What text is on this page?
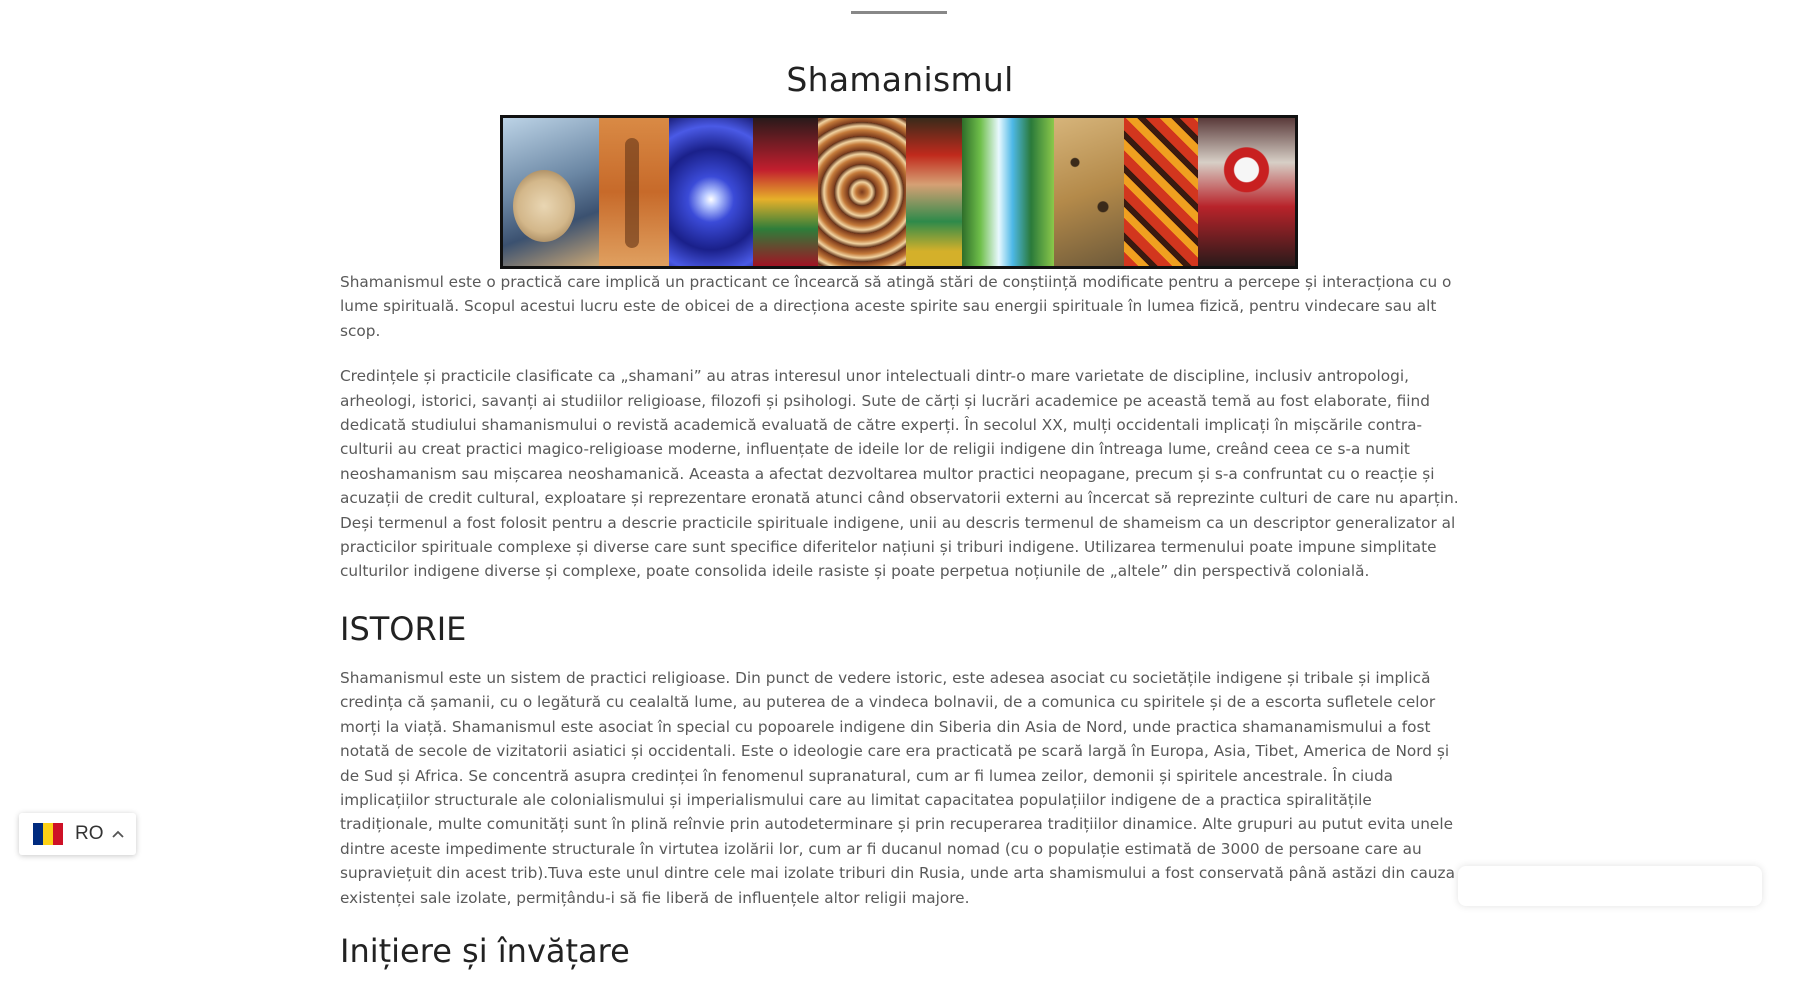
Shamanismul

Shamanismul este o practică care implică un practicant ce încearcă să atingă stări de conștiință modificate pentru a percepe și interacționa cu o lume spirituală. Scopul acestui lucru este de obicei de a direcționa aceste spirite sau energii spirituale în lumea fizică, pentru vindecare sau alt scop.

Credințele și practicile clasificate ca „shamani” au atras interesul unor intelectuali dintr-o mare varietate de discipline, inclusiv antropologi, arheologi, istorici, savanți ai studiilor religioase, filozofi și psihologi. Sute de cărți și lucrări academice pe această temă au fost elaborate, fiind dedicată studiului shamanismului o revistă academică evaluată de către experți. În secolul XX, mulți occidentali implicați în mișcările contra-culturii au creat practici magico-religioase moderne, influențate de ideile lor de religii indigene din întreaga lume, creând ceea ce s-a numit neoshamanism sau mișcarea neoshamanică. Aceasta a afectat dezvoltarea multor practici neopagane, precum și s-a confruntat cu o reacție și acuzații de credit cultural, exploatare și reprezentare eronată atunci când observatorii externi au încercat să reprezinte culturi de care nu aparțin. Deși termenul a fost folosit pentru a descrie practicile spirituale indigene, unii au descris termenul de shameism ca un descriptor generalizator al practicilor spirituale complexe și diverse care sunt specifice diferitelor națiuni și triburi indigene. Utilizarea termenului poate impune simplitate culturilor indigene diverse și complexe, poate consolida ideile rasiste și poate perpetua noțiunile de „altele” din perspectivă colonială.

ISTORIE

Shamanismul este un sistem de practici religioase. Din punct de vedere istoric, este adesea asociat cu societățile indigene și tribale și implică credința că șamanii, cu o legătură cu cealaltă lume, au puterea de a vindeca bolnavii, de a comunica cu spiritele și de a escorta sufletele celor morți la viață. Shamanismul este asociat în special cu popoarele indigene din Siberia din Asia de Nord, unde practica shamanamismului a fost notată de secole de vizitatorii asiatici și occidentali. Este o ideologie care era practicată pe scară largă în Europa, Asia, Tibet, America de Nord și de Sud și Africa. Se concentră asupra credinței în fenomenul supranatural, cum ar fi lumea zeilor, demonii și spiritele ancestrale. În ciuda implicațiilor structurale ale colonialismului și imperialismului care au limitat capacitatea populațiilor indigene de a practica spiralitățile tradiționale, multe comunități sunt în plină reînvie prin autodeterminare și prin recuperarea tradițiilor dinamice. Alte grupuri au putut evita unele dintre aceste impedimente structurale în virtutea izolării lor, cum ar fi ducanul nomad (cu o populație estimată de 3000 de persoane care au supraviețuit din acest trib).Tuva este unul dintre cele mai izolate triburi din Rusia, unde arta shamismului a fost conservată până astăzi din cauza existenței sale izolate, permițându-i să fie liberă de influențele altor religii majore.

Inițiere și învățare
RO
